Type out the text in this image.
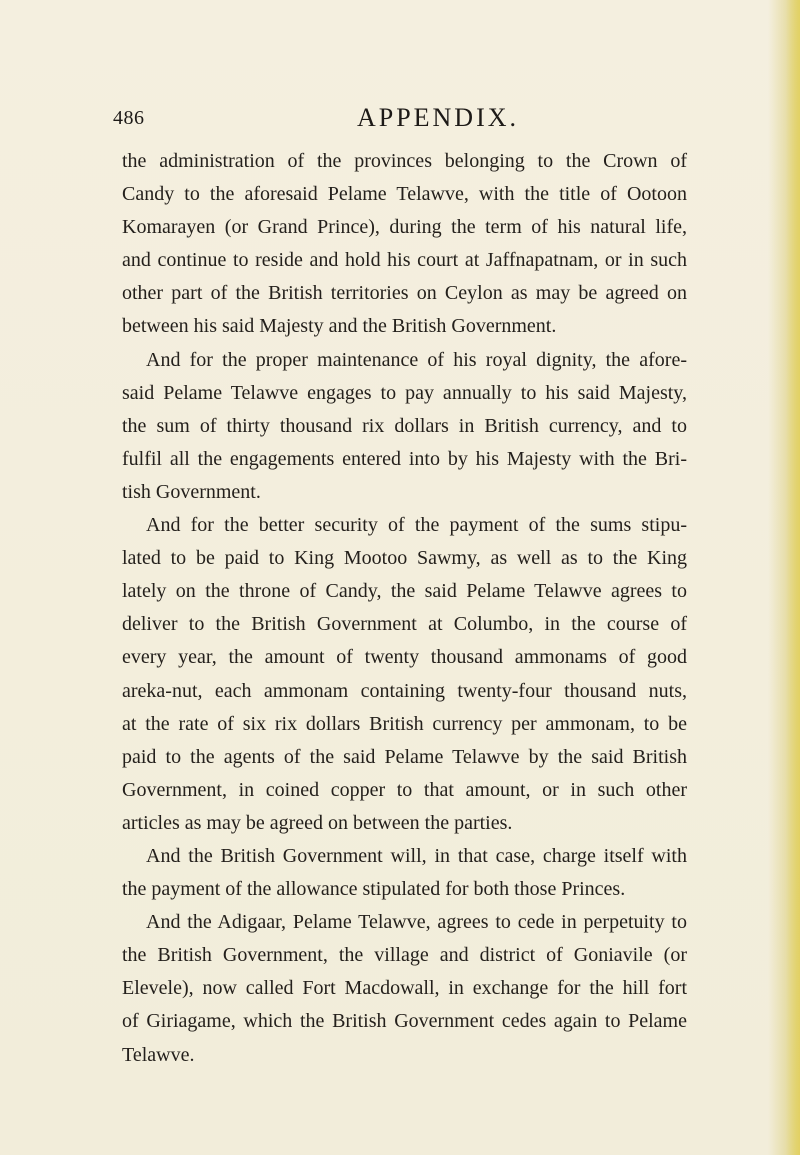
486	APPENDIX.

the administration of the provinces belonging to the Crown of
Candy to the aforesaid Pelame Telawve, with the title of Ootoon
Komarayen (or Grand Prince), during the term of his natural life,
and continue to reside and hold his court at Jaffnapatnam, or in such
other part of the British territories on Ceylon as may be agreed on
between his said Majesty and the British Government.

And for the proper maintenance of his royal dignity, the afore-
said Pelame Telawve engages to pay annually to his said Majesty,
the sum of thirty thousand rix dollars in British currency, and to
fulfil all the engagements entered into by his Majesty with the Bri-
tish Government.

And for the better security of the payment of the sums stipu-
lated to be paid to King Mootoo Sawmy, as well as to the King
lately on the throne of Candy, the said Pelame Telawve agrees to
deliver to the British Government at Columbo, in the course of
every year, the amount of twenty thousand ammonams of good
areka-nut, each ammonam containing twenty-four thousand nuts,
at the rate of six rix dollars British currency per ammonam, to be
paid to the agents of the said Pelame Telawve by the said British
Government, in coined copper to that amount, or in such other
articles as may be agreed on between the parties.

And the British Government will, in that case, charge itself with
the payment of the allowance stipulated for both those Princes.

And the Adigaar, Pelame Telawve, agrees to cede in perpetuity to
the British Government, the village and district of Goniavile (or
Elevele), now called Fort Macdowall, in exchange for the hill fort
of Giriagame, which the British Government cedes again to Pelame
Telawve.
